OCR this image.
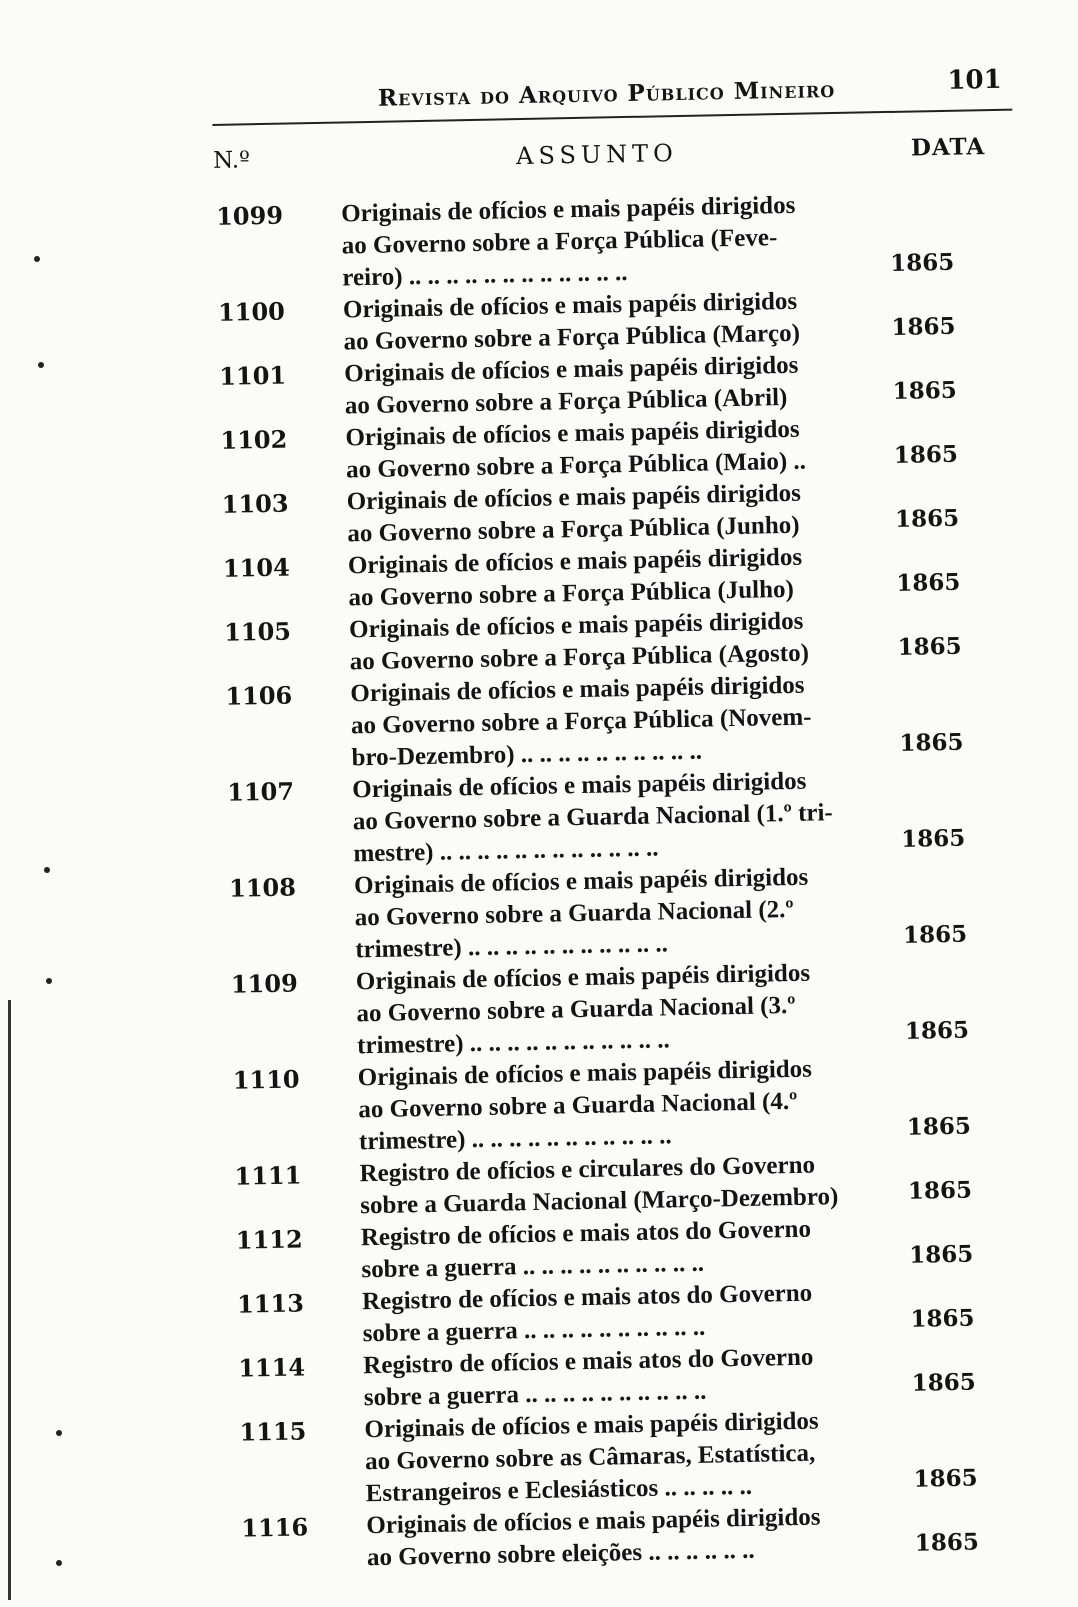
Revista do Arquivo Público Mineiro	101
N.º	ASSUNTO	DATA
1099 Originais de ofícios e mais papéis dirigidos
ao Governo sobre a Força Pública (Feve-
reiro) .. .. .. .. .. .. .. .. .. .. .. ..	1865
1100 Originais de ofícios e mais papéis dirigidos
ao Governo sobre a Força Pública (Março)	1865
1101 Originais de ofícios e mais papéis dirigidos
ao Governo sobre a Força Pública (Abril)	1865
1102 Originais de ofícios e mais papéis dirigidos
ao Governo sobre a Força Pública (Maio) ..	1865
1103 Originais de ofícios e mais papéis dirigidos
ao Governo sobre a Força Pública (Junho)	1865
1104 Originais de ofícios e mais papéis dirigidos
ao Governo sobre a Força Pública (Julho)	1865
1105 Originais de ofícios e mais papéis dirigidos
ao Governo sobre a Força Pública (Agosto)	1865
1106 Originais de ofícios e mais papéis dirigidos
ao Governo sobre a Força Pública (Novem-
bro-Dezembro) .. .. .. .. .. .. .. .. .. ..	1865
1107 Originais de ofícios e mais papéis dirigidos
ao Governo sobre a Guarda Nacional (1.º tri-
mestre) .. .. .. .. .. .. .. .. .. .. .. ..	1865
1108 Originais de ofícios e mais papéis dirigidos
ao Governo sobre a Guarda Nacional (2.º
trimestre) .. .. .. .. .. .. .. .. .. .. ..	1865
1109 Originais de ofícios e mais papéis dirigidos
ao Governo sobre a Guarda Nacional (3.º
trimestre) .. .. .. .. .. .. .. .. .. .. ..	1865
1110 Originais de ofícios e mais papéis dirigidos
ao Governo sobre a Guarda Nacional (4.º
trimestre) .. .. .. .. .. .. .. .. .. .. ..	1865
1111 Registro de ofícios e circulares do Governo
sobre a Guarda Nacional (Março-Dezembro)	1865
1112 Registro de ofícios e mais atos do Governo
sobre a guerra .. .. .. .. .. .. .. .. .. ..	1865
1113 Registro de ofícios e mais atos do Governo
sobre a guerra .. .. .. .. .. .. .. .. .. ..	1865
1114 Registro de ofícios e mais atos do Governo
sobre a guerra .. .. .. .. .. .. .. .. .. ..	1865
1115 Originais de ofícios e mais papéis dirigidos
ao Governo sobre as Câmaras, Estatística,
Estrangeiros e Eclesiásticos .. .. .. .. ..	1865
1116 Originais de ofícios e mais papéis dirigidos
ao Governo sobre eleições .. .. .. .. .. ..	1865
